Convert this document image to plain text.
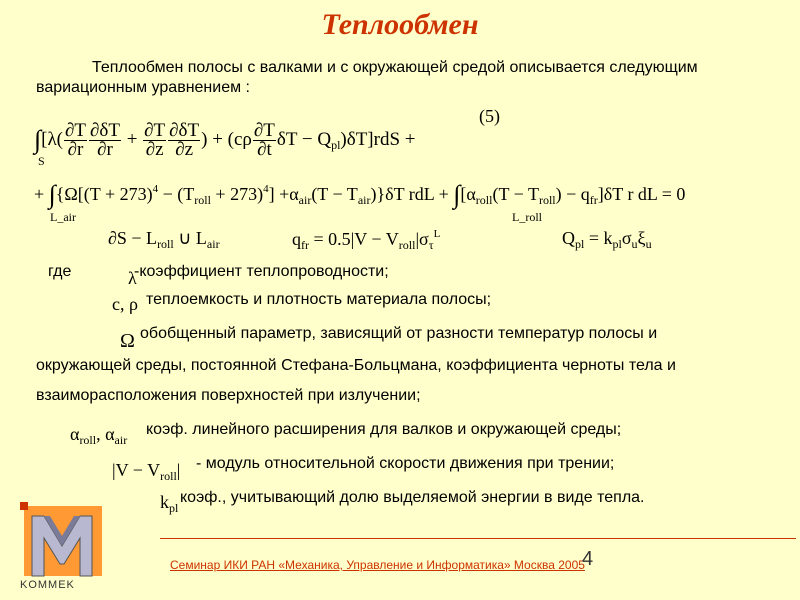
Теплообмен
Теплообмен полосы с валками и с окружающей средой описывается следующим
вариационным уравнением :
(5)
$\int[\lambda( \frac{\partial T}{\partial r} \frac{\partial\delta T}{\partial r} + \frac{\partial T}{\partial z} \frac{\partial\delta T}{\partial z}$ ) + ($c\rho \frac{\partial T}{\partial t}$ $\delta T - Q_{pl})\delta T]rdS$ +
S
+ $\int\{\Omega[(T + 273)^4 - (T_{roll} + 273)^4] +\alpha_{air}(T - T_{air})\}\delta T$ rdL + $\int[\alpha_{roll}(T - T_{roll}) - q_{fr}]\delta T$ r dL = 0
L_air	L_roll
$\partial S - L_{roll}$ ∪ $L_{air}$	$q_{fr} = 0.5|V - V_{roll}|\sigma_\tau^L$	$Q_{pl} = k_{pl}\sigma_u\xi_u$
где	λ
-коэффициент теплопроводности;
c, ρ теплоемкость и плотность материала полосы;
Ω обобщенный параметр, зависящий от разности температур полосы и
окружающей среды, постоянной Стефана-Больцмана, коэффициента черноты тела и
взаиморасположения поверхностей при излучении;
$\alpha_{roll}$, $\alpha_{air}$
коэф. линейного расширения для валков и окружающей среды;
$|V - V_{roll}|$ - модуль относительной скорости движения при трении;
$k_{pl}$
коэф., учитывающий долю выделяемой энергии в виде тепла.
Семинар ИКИ РАН «Механика, Управление и Информатика» Москва 2005
4
KOMMEK
